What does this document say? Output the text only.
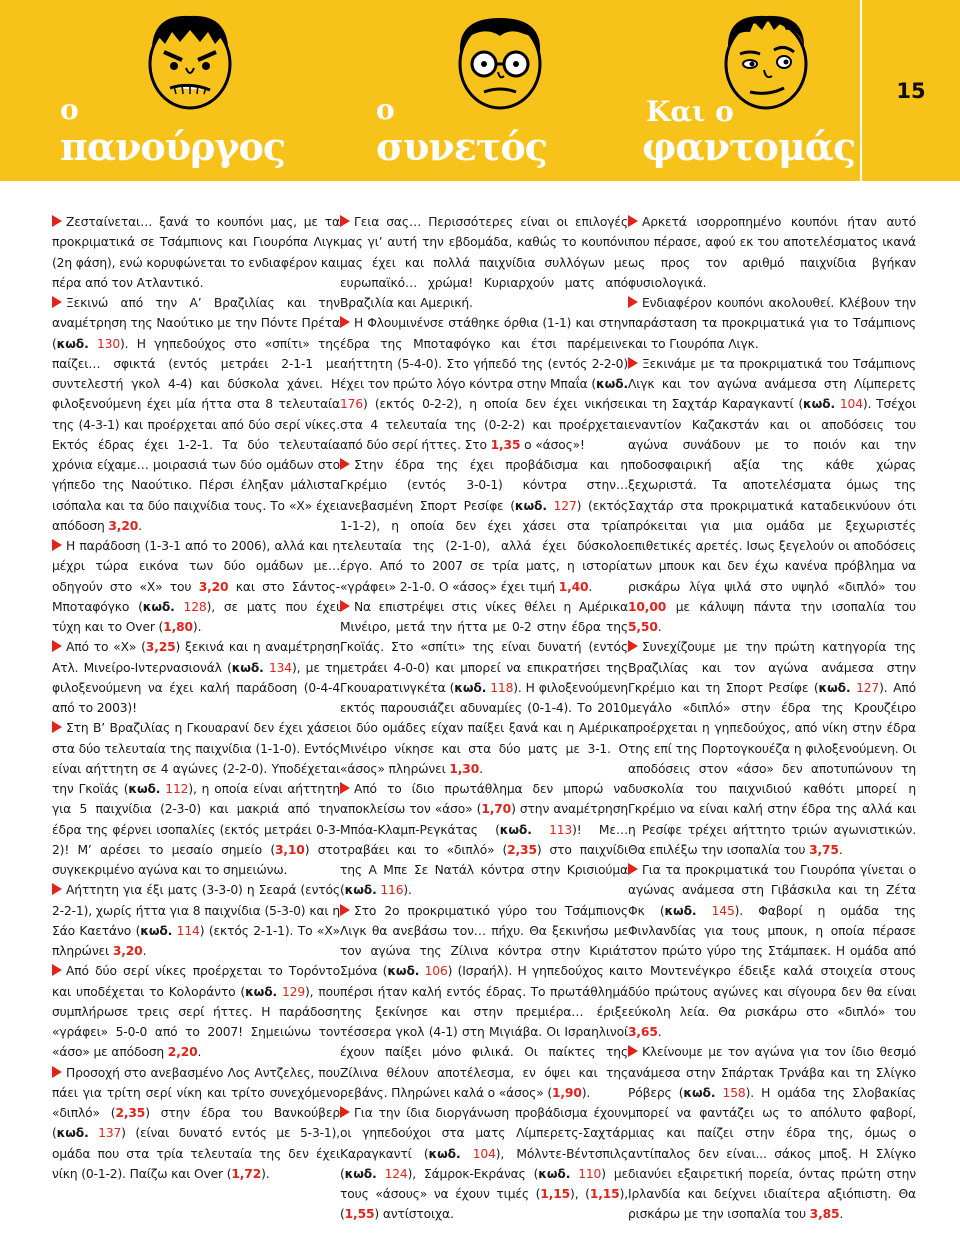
ο
πανούργος
ο
συνετός
Και ο
φαντομάς
15

Ζεσταίνεται… ξανά το κουπόνι μας, με τα προκριματικά σε Τσάμπιονς και Γιουρόπα Λιγκ (2η φάση), ενώ κορυφώνεται το ενδιαφέρον και πέρα από τον Ατλαντικό.

Ξεκινώ από την Α’ Βραζιλίας και την αναμέτρηση της Ναούτικο με την Πόντε Πρέτα (κωδ. 130). Η γηπεδούχος στο «σπίτι» της παίζει… σφικτά (εντός μετράει 2-1-1 με συντελεστή γκολ 4-4) και δύσκολα χάνει. Η φιλοξενούμενη έχει μία ήττα στα 8 τελευταία της (4-3-1) και προέρχεται από δύο σερί νίκες. Εκτός έδρας έχει 1-2-1. Τα δύο τελευταία χρόνια είχαμε… μοιρασιά των δύο ομάδων στο γήπεδο της Ναούτικο. Πέρσι έληξαν μάλιστα ισόπαλα και τα δύο παιχνίδια τους. Το «Χ» έχει απόδοση 3,20.

Η παράδοση (1-3-1 από το 2006), αλλά και η μέχρι τώρα εικόνα των δύο ομάδων με… οδηγούν στο «Χ» του 3,20 και στο Σάντος-Μποταφόγκο (κωδ. 128), σε ματς που έχει τύχη και το Over (1,80).

Από το «Χ» (3,25) ξεκινά και η αναμέτρηση Ατλ. Μινείρο-Ιντερνασιονάλ (κωδ. 134), με τη φιλοξενούμενη να έχει καλή παράδοση (0-4-4 από το 2003)!

Στη Β’ Βραζιλίας η Γκουαρανί δεν έχει χάσει στα δύο τελευταία της παιχνίδια (1-1-0). Εντός είναι αήττητη σε 4 αγώνες (2-2-0). Υποδέχεται την Γκοϊάς (κωδ. 112), η οποία είναι αήττητη για 5 παιχνίδια (2-3-0) και μακριά από την έδρα της φέρνει ισοπαλίες (εκτός μετράει 0-3-2)! Μ’ αρέσει το μεσαίο σημείο (3,10) στο συγκεκριμένο αγώνα και το σημειώνω.

Αήττητη για έξι ματς (3-3-0) η Σεαρά (εντός 2-2-1), χωρίς ήττα για 8 παιχνίδια (5-3-0) και η Σάο Καετάνο (κωδ. 114) (εκτός 2-1-1). Το «Χ» πληρώνει 3,20.

Από δύο σερί νίκες προέρχεται το Τορόντο και υποδέχεται το Κολοράντο (κωδ. 129), που συμπλήρωσε τρεις σερί ήττες. Η παράδοση «γράφει» 5-0-0 από το 2007! Σημειώνω τον «άσο» με απόδοση 2,20.

Προσοχή στο ανεβασμένο Λος Αντζελες, που πάει για τρίτη σερί νίκη και τρίτο συνεχόμενο «διπλό» (2,35) στην έδρα του Βανκούβερ (κωδ. 137) (είναι δυνατό εντός με 5-3-1), ομάδα που στα τρία τελευταία της δεν έχει νίκη (0-1-2). Παίζω και Over (1,72).

Γεια σας… Περισσότερες είναι οι επιλογές μας γι’ αυτή την εβδομάδα, καθώς το κουπόνι μας έχει και πολλά παιχνίδια συλλόγων με ευρωπαϊκό… χρώμα! Κυριαρχούν ματς από Βραζιλία και Αμερική.

Η Φλουμινένσε στάθηκε όρθια (1-1) και στην έδρα της Μποταφόγκο και έτσι παρέμεινε αήττητη (5-4-0). Στο γήπεδό της (εντός 2-2-0) έχει τον πρώτο λόγο κόντρα στην Μπαΐα (κωδ. 176) (εκτός 0-2-2), η οποία δεν έχει νικήσει στα 4 τελευταία της (0-2-2) και προέρχεται από δύο σερί ήττες. Στο 1,35 ο «άσος»!

Στην έδρα της έχει προβάδισμα και η Γκρέμιο (εντός 3-0-1) κόντρα στην… ανεβασμένη Σπορτ Ρεσίφε (κωδ. 127) (εκτός 1-1-2), η οποία δεν έχει χάσει στα τρία τελευταία της (2-1-0), αλλά έχει δύσκολο έργο. Από το 2007 σε τρία ματς, η ιστορία «γράφει» 2-1-0. Ο «άσος» έχει τιμή 1,40.

Να επιστρέψει στις νίκες θέλει η Αμέρικα Μινέιρο, μετά την ήττα με 0-2 στην έδρα της Γκοϊάς. Στο «σπίτι» της είναι δυνατή (εντός μετράει 4-0-0) και μπορεί να επικρατήσει της Γκουαρατινγκέτα (κωδ. 118). Η φιλοξενούμενη εκτός παρουσιάζει αδυναμίες (0-1-4). Το 2010 οι δύο ομάδες είχαν παίξει ξανά και η Αμέρικα Μινέιρο νίκησε και στα δύο ματς με 3-1. Ο «άσος» πληρώνει 1,30.

Από το ίδιο πρωτάθλημα δεν μπορώ να αποκλείσω τον «άσο» (1,70) στην αναμέτρηση Μπόα-Κλαμπ-Ρεγκάτας (κωδ. 113)! Με… τραβάει και το «διπλό» (2,35) στο παιχνίδι της Α Μπε Σε Νατάλ κόντρα στην Κρισιούμα (κωδ. 116).

Στο 2ο προκριματικό γύρο του Τσάμπιονς Λιγκ θα ανεβάσω τον… πήχυ. Θα ξεκινήσω με τον αγώνα της Ζίλινα κόντρα στην Κιριάτ Σμόνα (κωδ. 106) (Ισραήλ). Η γηπεδούχος και πέρσι ήταν καλή εντός έδρας. Το πρωτάθλημά της ξεκίνησε και στην πρεμιέρα… έριξε τέσσερα γκολ (4-1) στη Μιγιάβα. Οι Ισραηλινοί έχουν παίξει μόνο φιλικά. Οι παίκτες της Ζίλινα θέλουν αποτέλεσμα, εν όψει και της ρεβάνς. Πληρώνει καλά ο «άσος» (1,90).

Για την ίδια διοργάνωση προβάδισμα έχουν οι γηπεδούχοι στα ματς Λίμπερετς-Σαχτάρ Καραγκαντί (κωδ. 104), Μόλντε-Βέντσπιλς (κωδ. 124), Σάμροκ-Εκράνας (κωδ. 110) με τους «άσους» να έχουν τιμές (1,15), (1,15), (1,55) αντίστοιχα.

Αρκετά ισορροπημένο κουπόνι ήταν αυτό που πέρασε, αφού εκ του αποτελέσματος ικανά ως προς τον αριθμό παιχνίδια βγήκαν φυσιολογικά.

Ενδιαφέρον κουπόνι ακολουθεί. Κλέβουν την παράσταση τα προκριματικά για το Τσάμπιονς και το Γιουρόπα Λιγκ.

Ξεκινάμε με τα προκριματικά του Τσάμπιονς Λιγκ και τον αγώνα ανάμεσα στη Λίμπερετς και τη Σαχτάρ Καραγκαντί (κωδ. 104). Τσέχοι εναντίον Καζακστάν και οι αποδόσεις του αγώνα συνάδουν με το ποιόν και την ποδοσφαιρική αξία της κάθε χώρας ξεχωριστά. Τα αποτελέσματα όμως της Σαχτάρ στα προκριματικά καταδεικνύουν ότι πρόκειται για μια ομάδα με ξεχωριστές επιθετικές αρετές. Ισως ξεγελούν οι αποδόσεις των μπουκ και δεν έχω κανένα πρόβλημα να ρισκάρω λίγα ψιλά στο υψηλό «διπλό» του 10,00 με κάλυψη πάντα την ισοπαλία του 5,50.

Συνεχίζουμε με την πρώτη κατηγορία της Βραζιλίας και τον αγώνα ανάμεσα στην Γκρέμιο και τη Σπορτ Ρεσίφε (κωδ. 127). Από μεγάλο «διπλό» στην έδρα της Κρουζέιρο προέρχεται η γηπεδούχος, από νίκη στην έδρα της επί της Πορτογκουέζα η φιλοξενούμενη. Οι αποδόσεις στον «άσο» δεν αποτυπώνουν τη δυσκολία του παιχνιδιού καθότι μπορεί η Γκρέμιο να είναι καλή στην έδρα της αλλά και η Ρεσίφε τρέχει αήττητο τριών αγωνιστικών. Θα επιλέξω την ισοπαλία του 3,75.

Για τα προκριματικά του Γιουρόπα γίνεται ο αγώνας ανάμεσα στη Γιβάσκιλα και τη Ζέτα Φκ (κωδ. 145). Φαβορί η ομάδα της Φινλανδίας για τους μπουκ, η οποία πέρασε στον πρώτο γύρο της Στάμπαεκ. Η ομάδα από το Μοντενέγκρο έδειξε καλά στοιχεία στους δύο πρώτους αγώνες και σίγουρα δεν θα είναι εύκολη λεία. Θα ρισκάρω στο «διπλό» του 3,65.

Κλείνουμε με τον αγώνα για τον ίδιο θεσμό ανάμεσα στην Σπάρτακ Τρνάβα και τη Σλίγκο Ρόβερς (κωδ. 158). Η ομάδα της Σλοβακίας μπορεί να φαντάζει ως το απόλυτο φαβορί, μιας και παίζει στην έδρα της, όμως ο αντίπαλος δεν είναι... σάκος μποξ. Η Σλίγκο διανύει εξαιρετική πορεία, όντας πρώτη στην Ιρλανδία και δείχνει ιδιαίτερα αξιόπιστη. Θα ρισκάρω με την ισοπαλία του 3,85.
